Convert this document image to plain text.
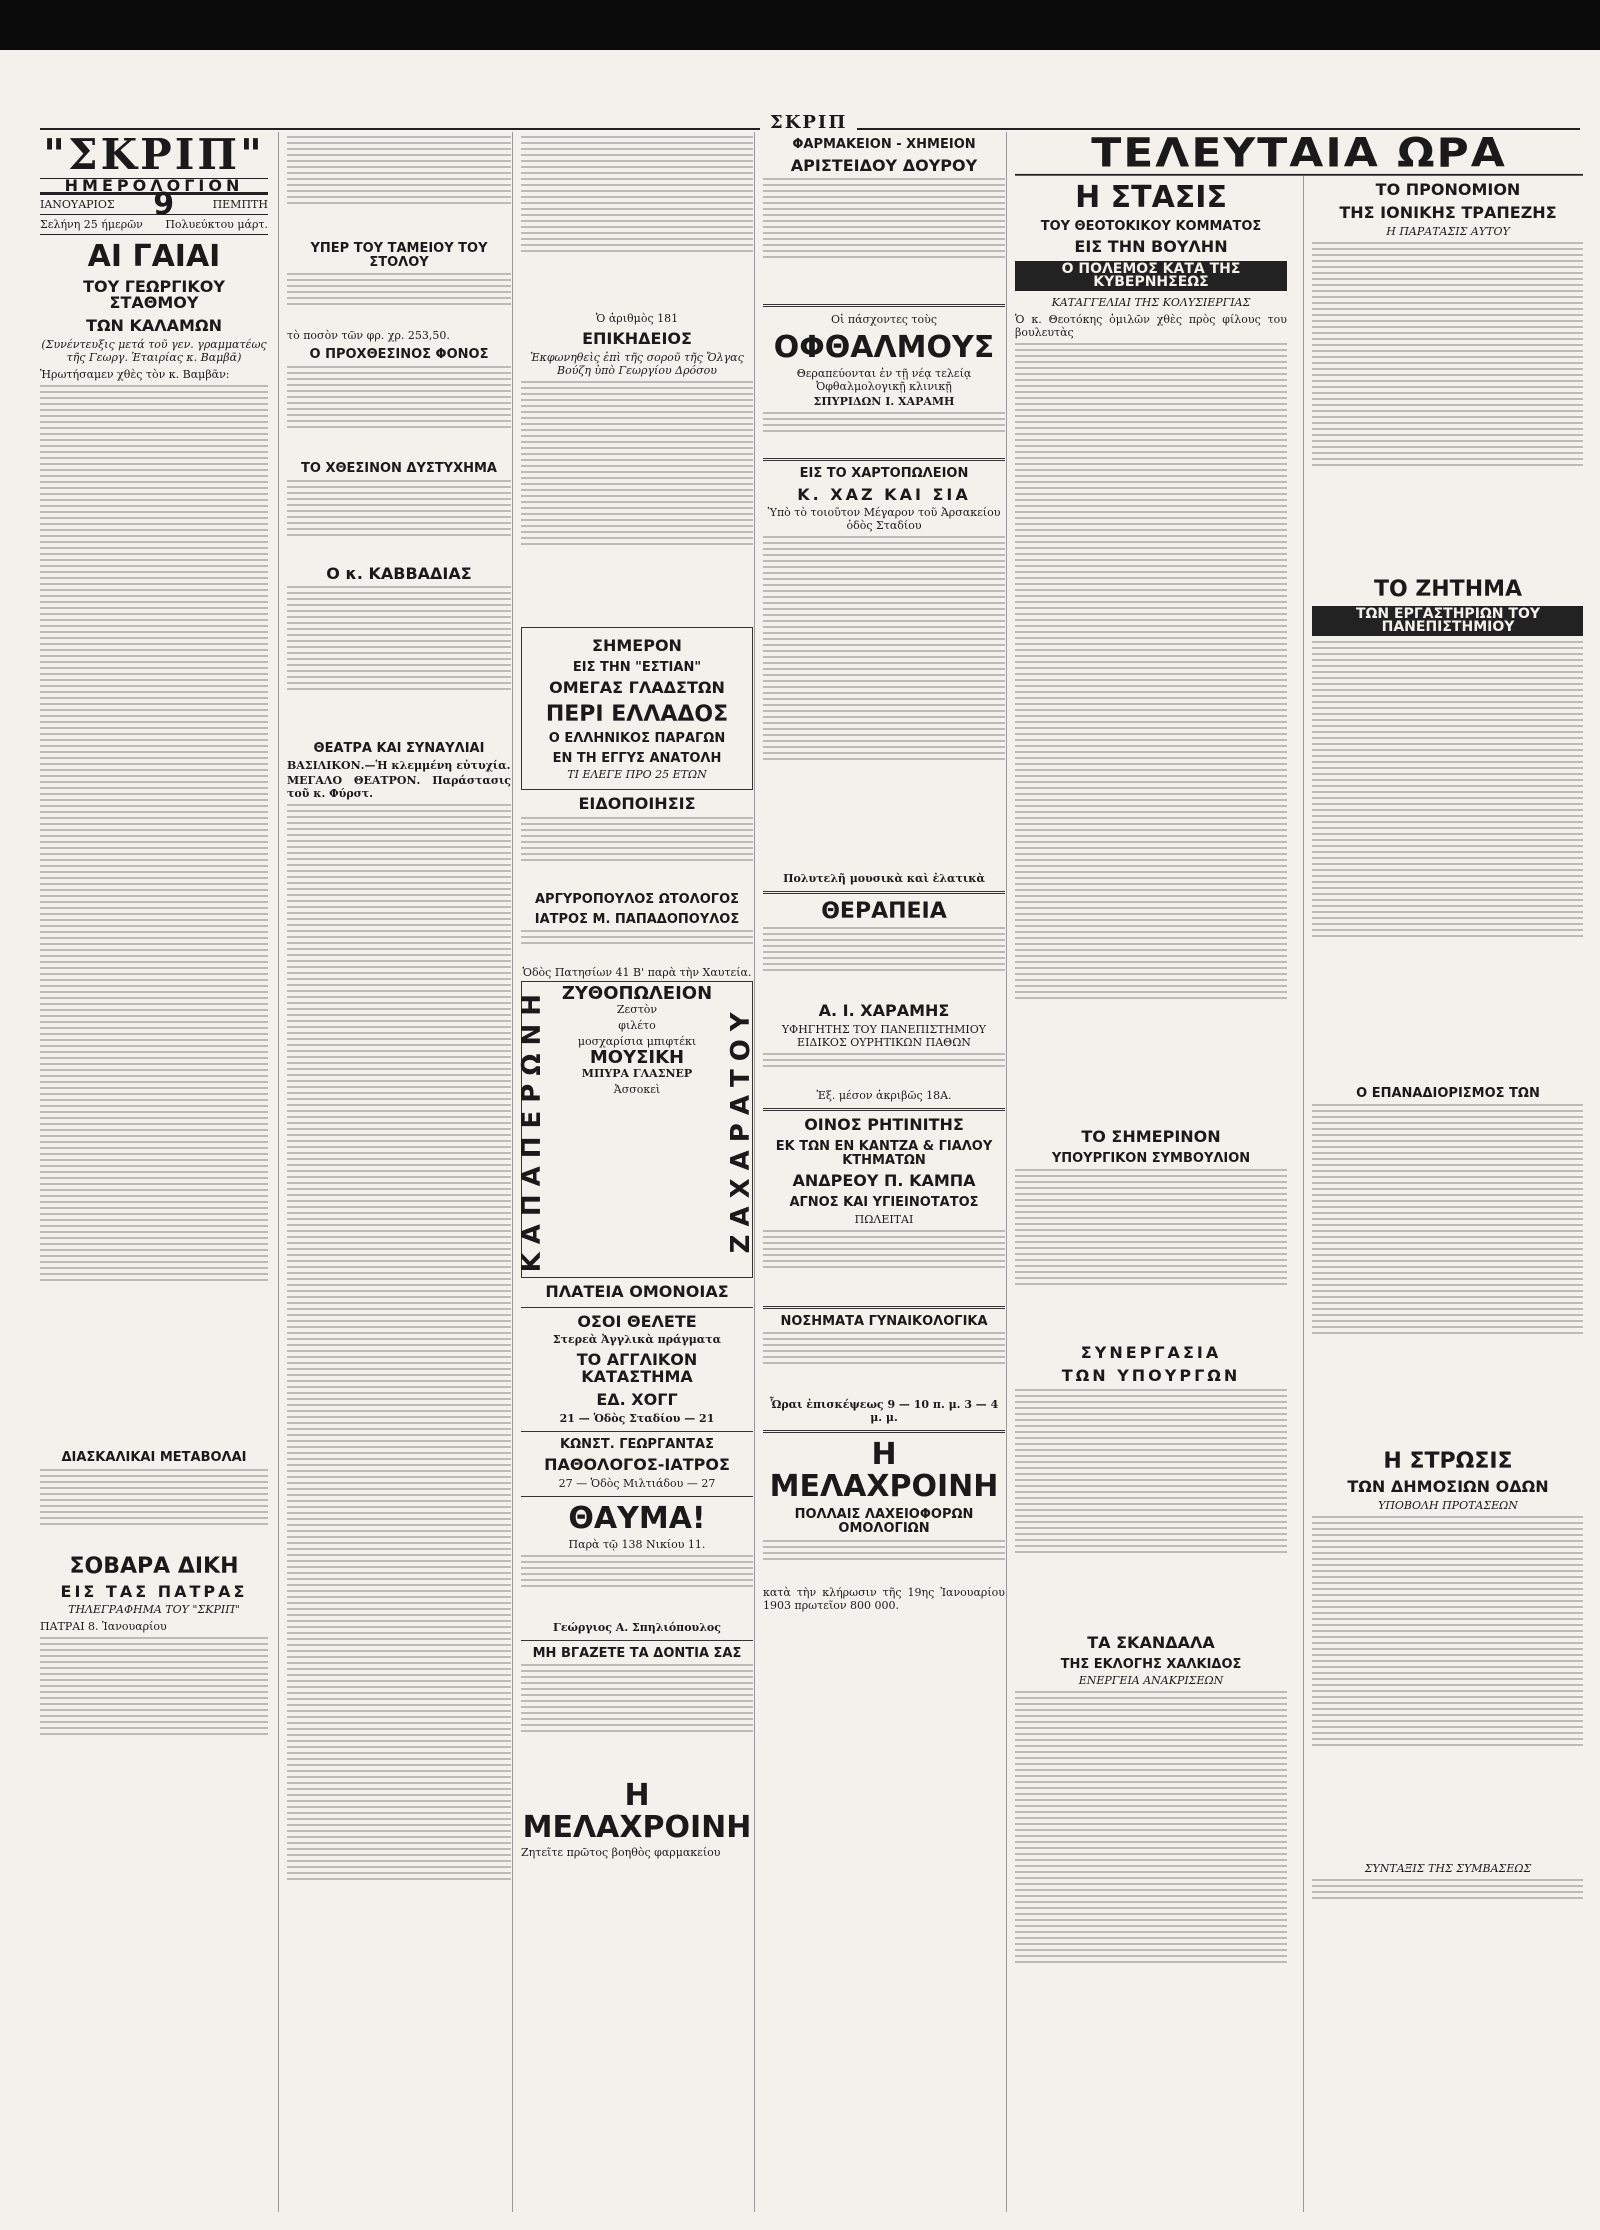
ΣΚΡΙΠ
"ΣΚΡΙΠ"
ΗΜΕΡΟΛΟΓΙΟΝ
ΙΑΝΟΥΑΡΙΟΣ 9	ΠΕΜΠΤΗ
Σελήνη 25 ήμερῶν Πολυεύκτου μάρτ.
ΑΙ ΓΑΙΑΙ
ΤΟΥ ΓΕΩΡΓΙΚΟΥ ΣΤΑΘΜΟΥ
ΤΩΝ ΚΑΛΑΜΩΝ
(Συνέντευξις μετά τοῦ γεν. γραμματέως τῆς Γεωργ. Ἑταιρίας κ. Βαμβᾶ)

Ἠρωτήσαμεν χθὲς τὸν κ. Βαμβᾶν:

ΔΙΑΣΚΑΛΙΚΑΙ ΜΕΤΑΒΟΛΑΙ
ΣΟΒΑΡΑ ΔΙΚΗ
ΕΙΣ ΤΑΣ ΠΑΤΡΑΣ
ΤΗΛΕΓΡΑΦΗΜΑ ΤΟΥ "ΣΚΡΙΠ"

ΠΑΤΡΑΙ 8. Ἰανουαρίου

ΥΠΕΡ ΤΟΥ ΤΑΜΕΙΟΥ ΤΟΥ ΣΤΟΛΟΥ

τὸ ποσὸν τῶν φρ. χρ. 253,50.

Ο ΠΡΟΧΘΕΣΙΝΟΣ ΦΟΝΟΣ
ΤΟ ΧΘΕΣΙΝΟΝ ΔΥΣΤΥΧΗΜΑ
Ο κ. ΚΑΒΒΑΔΙΑΣ
ΘΕΑΤΡΑ ΚΑΙ ΣΥΝΑΥΛΙΑΙ

ΒΑΣΙΛΙΚΟΝ.—Ἡ κλεμμένη εὐτυχία.

ΜΕΓΑΛΟ ΘΕΑΤΡΟΝ. Παράστασις τοῦ κ. Φύρστ.

Ὁ ἀριθμὸς 181

ΕΠΙΚΗΔΕΙΟΣ
Ἐκφωνηθεὶς ἐπὶ τῆς σοροῦ τῆς Ὄλγας Βούζη ὑπὸ Γεωργίου Δρόσου
ΣΗΜΕΡΟΝ
ΕΙΣ ΤΗΝ "ΕΣΤΙΑΝ"
ΟΜΕΓΑΣ ΓΛΑΔΣΤΩΝ
ΠΕΡΙ ΕΛΛΑΔΟΣ
Ο ΕΛΛΗΝΙΚΟΣ ΠΑΡΑΓΩΝ
ΕΝ ΤΗ ΕΓΓΥΣ ΑΝΑΤΟΛΗ
ΤΙ ΕΛΕΓΕ ΠΡΟ 25 ΕΤΩΝ
ΕΙΔΟΠΟΙΗΣΙΣ
ΑΡΓΥΡΟΠΟΥΛΟΣ ΩΤΟΛΟΓΟΣ
ΙΑΤΡΟΣ Μ. ΠΑΠΑΔΟΠΟΥΛΟΣ

Ὁδὸς Πατησίων 41 Β' παρὰ τὴν Χαυτεία.

ΚΑΠΑΠΕΡΩΝΗ ΖΥΘΟΠΩΛΕΙΟΝ
Ζεστὸν
φιλέτο
μοσχαρίσια μπιφτέκι
ΜΟΥΣΙΚΗ
ΜΠΥΡΑ ΓΛΑΣΝΕΡ
Ἀσσοκεὶ	ΖΑΧΑΡΑΤΟΥ
ΠΛΑΤΕΙΑ ΟΜΟΝΟΙΑΣ
ΟΣΟΙ ΘΕΛΕΤΕ

Στερεὰ Ἀγγλικὰ πράγματα

ΤΟ ΑΓΓΛΙΚΟΝ ΚΑΤΑΣΤΗΜΑ
ΕΔ. ΧΟΓΓ

21 — Ὁδὸς Σταδίου — 21

ΚΩΝΣΤ. ΓΕΩΡΓΑΝΤΑΣ
ΠΑΘΟΛΟΓΟΣ-ΙΑΤΡΟΣ

27 — Ὁδὸς Μιλτιάδου — 27

ΘΑΥΜΑ!

Παρὰ τῷ 138 Νικίου 11.

Γεώργιος Α. Σπηλιόπουλος

ΜΗ ΒΓΑΖΕΤΕ ΤΑ ΔΟΝΤΙΑ ΣΑΣ
Η ΜΕΛΑΧΡΟΙΝΗ

Ζητεῖτε πρῶτος βοηθὸς φαρμακείου

ΦΑΡΜΑΚΕΙΟΝ - ΧΗΜΕΙΟΝ
ΑΡΙΣΤΕΙΔΟΥ ΔΟΥΡΟΥ

Οἱ πάσχοντες τοὺς

ΟΦΘΑΛΜΟΥΣ

Θεραπεύονται ἐν τῇ νέᾳ τελείᾳ Ὀφθαλμολογικῇ κλινικῇ

ΣΠΥΡΙΔΩΝ Ι. ΧΑΡΑΜΗ

ΕΙΣ ΤΟ ΧΑΡΤΟΠΩΛΕΙΟΝ
Κ. ΧΑΖ ΚΑΙ ΣΙΑ

Ὑπὸ τὸ τοιοῦτον Μέγαρον τοῦ Ἀρσακείου ὁδὸς Σταδίου

Πολυτελῆ μουσικὰ καὶ ἐλατικὰ

ΘΕΡΑΠΕΙΑ
Α. Ι. ΧΑΡΑΜΗΣ

ΥΦΗΓΗΤΗΣ ΤΟΥ ΠΑΝΕΠΙΣΤΗΜΙΟΥ ΕΙΔΙΚΟΣ ΟΥΡΗΤΙΚΩΝ ΠΑΘΩΝ

Ἐξ. μέσον ἀκριβῶς 18Α.

ΟΙΝΟΣ ΡΗΤΙΝΙΤΗΣ
ΕΚ ΤΩΝ ΕΝ ΚΑΝΤΖΑ & ΓΙΑΛΟΥ ΚΤΗΜΑΤΩΝ
ΑΝΔΡΕΟΥ Π. ΚΑΜΠΑ
ΑΓΝΟΣ ΚΑΙ ΥΓΙΕΙΝΟΤΑΤΟΣ

ΠΩΛΕΙΤΑΙ

ΝΟΣΗΜΑΤΑ ΓΥΝΑΙΚΟΛΟΓΙΚΑ

Ὧραι ἐπισκέψεως 9 — 10 π. μ. 3 — 4 μ. μ.

Η ΜΕΛΑΧΡΟΙΝΗ
ΠΟΛΛΑΙΣ ΛΑΧΕΙΟΦΟΡΩΝ ΟΜΟΛΟΓΙΩΝ

κατὰ τὴν κλήρωσιν τῆς 19ης Ἰανουαρίου 1903 πρωτεῖον 800 000.

ΤΕΛΕΥΤΑΙΑ ΩΡΑ
Η ΣΤΑΣΙΣ
ΤΟΥ ΘΕΟΤΟΚΙΚΟΥ ΚΟΜΜΑΤΟΣ
ΕΙΣ ΤΗΝ ΒΟΥΛΗΝ
Ο ΠΟΛΕΜΟΣ ΚΑΤΑ ΤΗΣ ΚΥΒΕΡΝΗΣΕΩΣ
ΚΑΤΑΓΓΕΛΙΑΙ ΤΗΣ ΚΟΛΥΣΙΕΡΓΙΑΣ

Ὁ κ. Θεοτόκης ὁμιλῶν χθὲς πρὸς φίλους του βουλευτὰς

ΤΟ ΣΗΜΕΡΙΝΟΝ
ΥΠΟΥΡΓΙΚΟΝ ΣΥΜΒΟΥΛΙΟΝ
ΣΥΝΕΡΓΑΣΙΑ
ΤΩΝ ΥΠΟΥΡΓΩΝ
ΤΑ ΣΚΑΝΔΑΛΑ
ΤΗΣ ΕΚΛΟΓΗΣ ΧΑΛΚΙΔΟΣ
ΕΝΕΡΓΕΙΑ ΑΝΑΚΡΙΣΕΩΝ
ΤΟ ΠΡΟΝΟΜΙΟΝ
ΤΗΣ ΙΟΝΙΚΗΣ ΤΡΑΠΕΖΗΣ
Η ΠΑΡΑΤΑΣΙΣ ΑΥΤΟΥ
ΤΟ ΖΗΤΗΜΑ
ΤΩΝ ΕΡΓΑΣΤΗΡΙΩΝ ΤΟΥ ΠΑΝΕΠΙΣΤΗΜΙΟΥ
Ο ΕΠΑΝΑΔΙΟΡΙΣΜΟΣ ΤΩΝ
Η ΣΤΡΩΣΙΣ
ΤΩΝ ΔΗΜΟΣΙΩΝ ΟΔΩΝ
ΥΠΟΒΟΛΗ ΠΡΟΤΑΣΕΩΝ
ΣΥΝΤΑΞΙΣ ΤΗΣ ΣΥΜΒΑΣΕΩΣ
